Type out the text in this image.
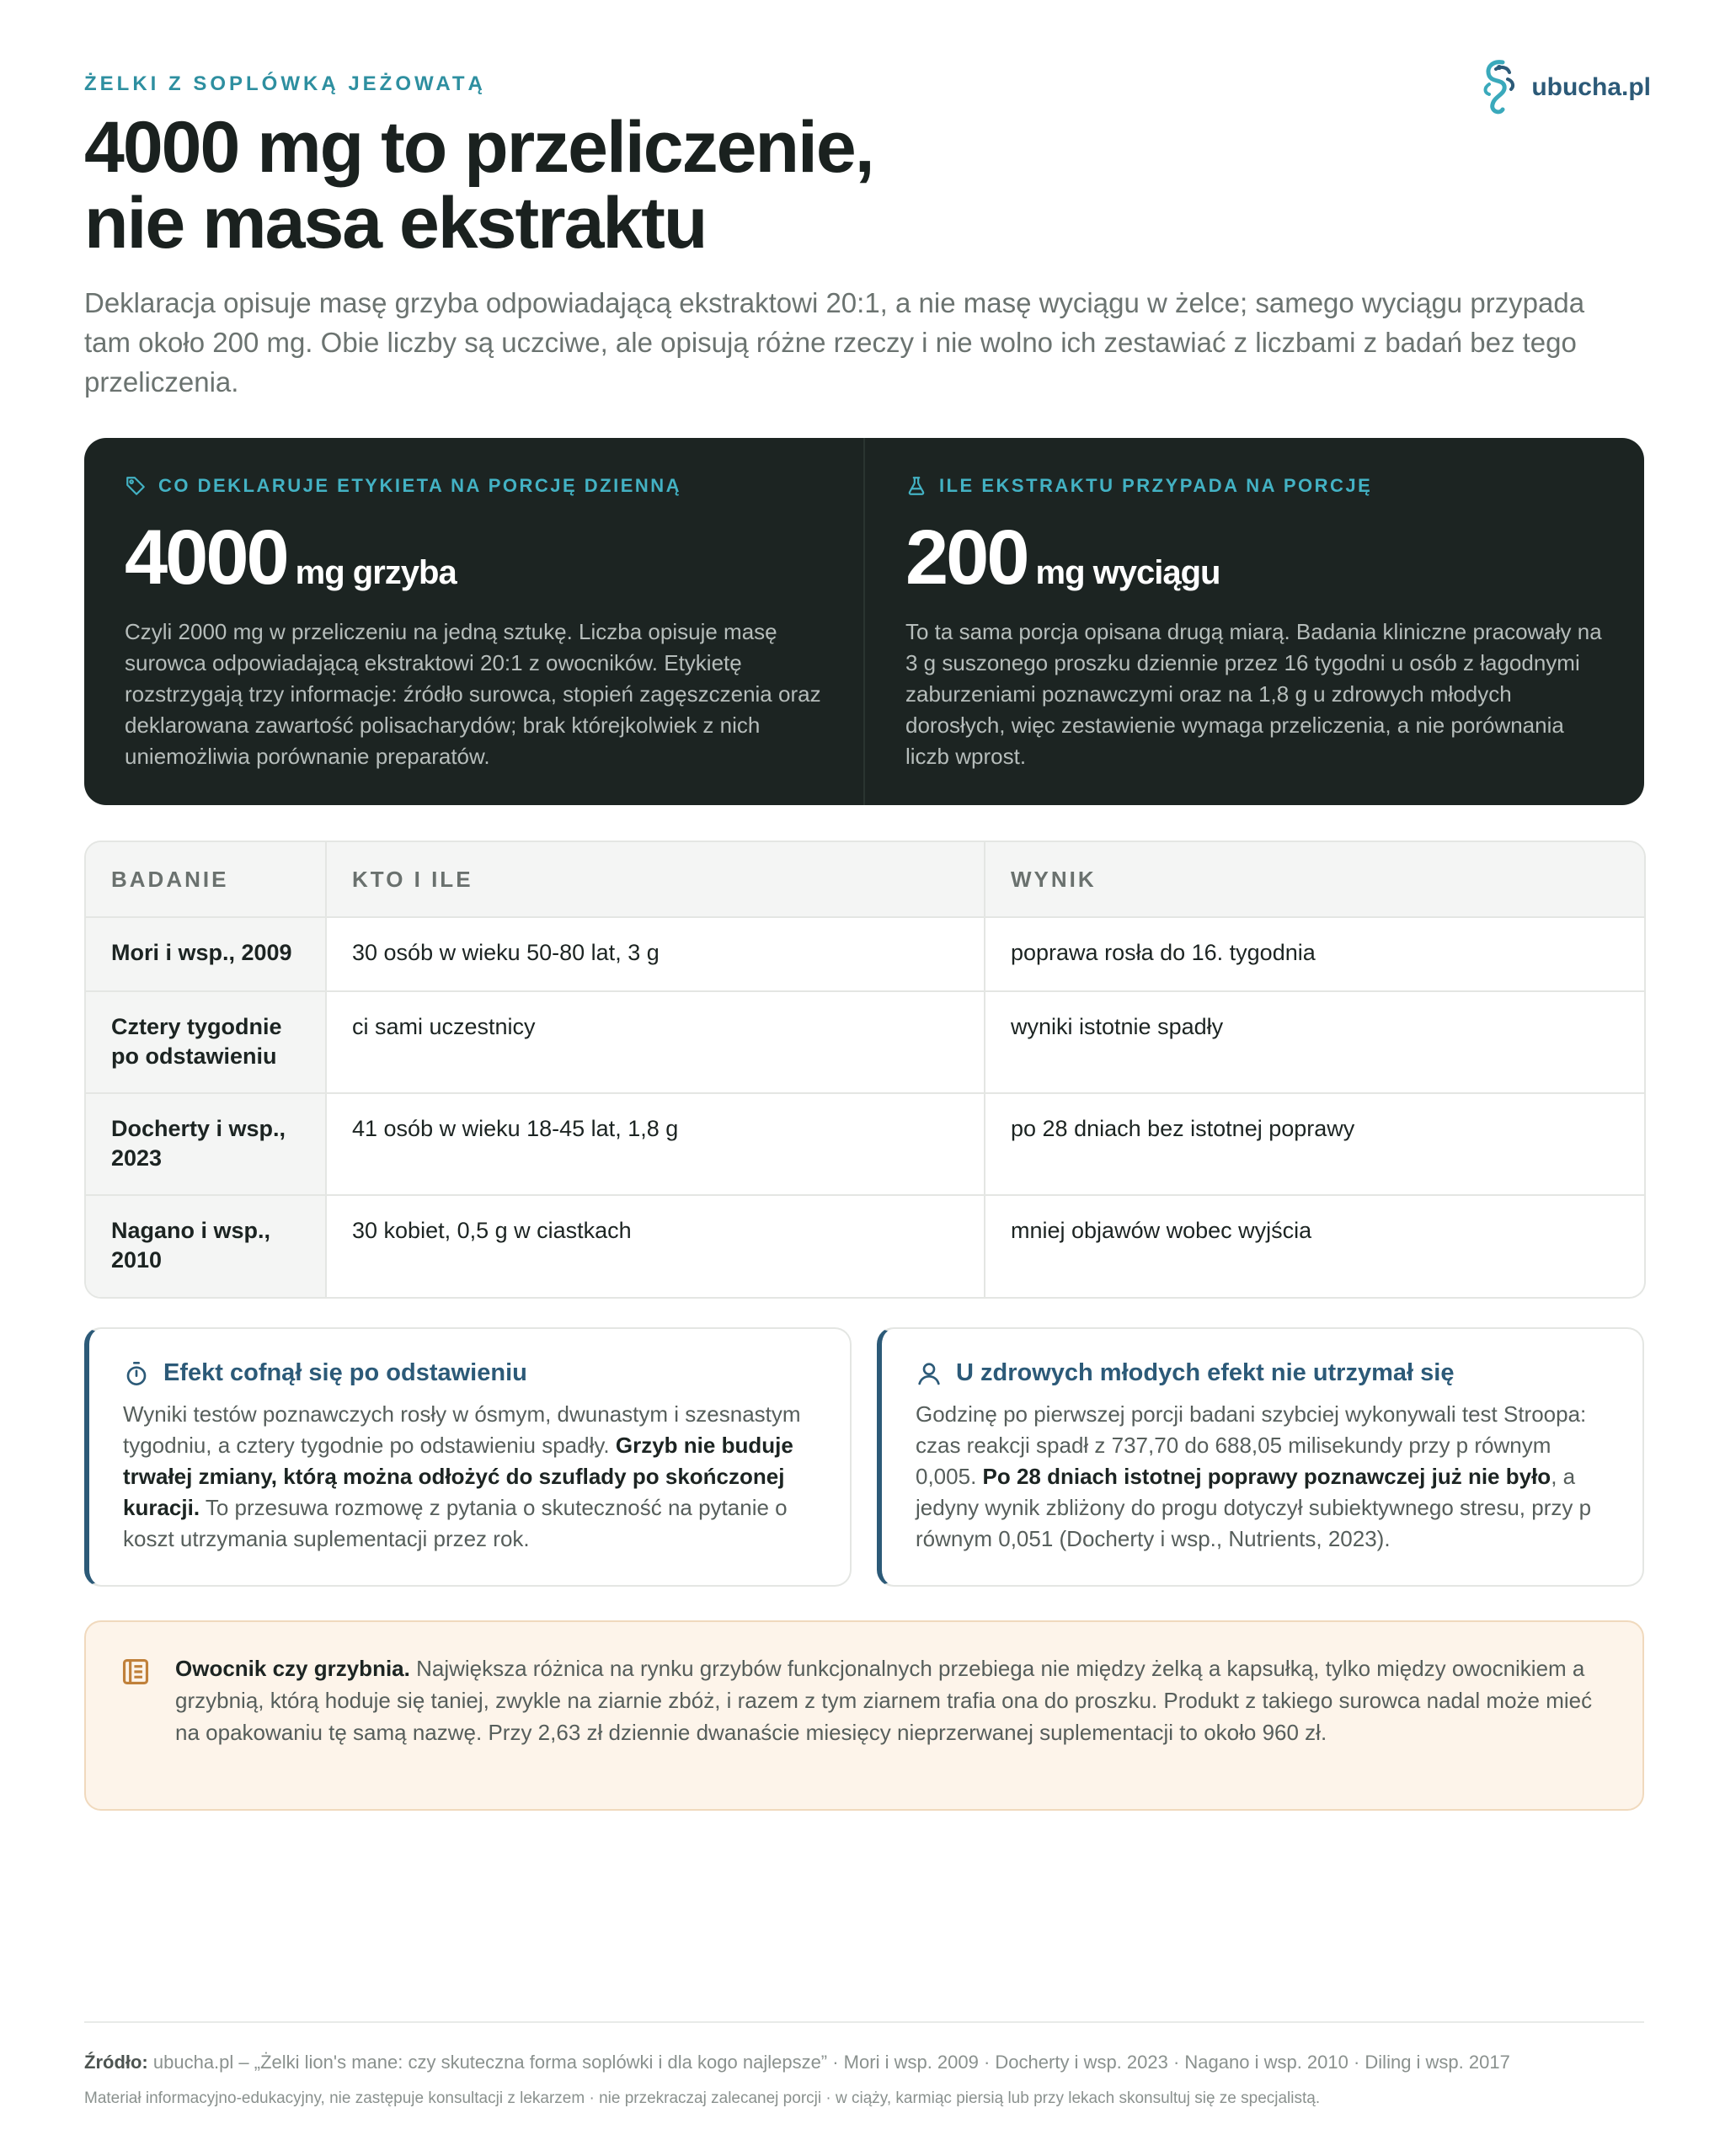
ŻELKI Z SOPLÓWKĄ JEŻOWATĄ	ubucha.pl
4000 mg to przeliczenie,
nie masa ekstraktu

Deklaracja opisuje masę grzyba odpowiadającą ekstraktowi 20:1, a nie masę wyciągu w żelce; samego wyciągu przypada tam około 200 mg. Obie liczby są uczciwe, ale opisują różne rzeczy i nie wolno ich zestawiać z liczbami z badań bez tego przeliczenia.

CO DEKLARUJE ETYKIETA NA PORCJĘ DZIENNĄ
4000 mg grzyba
Czyli 2000 mg w przeliczeniu na jedną sztukę. Liczba opisuje masę surowca odpowiadającą ekstraktowi 20:1 z owocników. Etykietę rozstrzygają trzy informacje: źródło surowca, stopień zagęszczenia oraz deklarowana zawartość polisacharydów; brak którejkolwiek z nich uniemożliwia porównanie preparatów.
ILE EKSTRAKTU PRZYPADA NA PORCJĘ
200 mg wyciągu
To ta sama porcja opisana drugą miarą. Badania kliniczne pracowały na 3 g suszonego proszku dziennie przez 16 tygodni u osób z łagodnymi zaburzeniami poznawczymi oraz na 1,8 g u zdrowych młodych dorosłych, więc zestawienie wymaga przeliczenia, a nie porównania liczb wprost.
BADANIE	KTO I ILE	WYNIK
Mori i wsp., 2009	30 osób w wieku 50-80 lat, 3 g	poprawa rosła do 16. tygodnia
Cztery tygodnie po odstawieniu	ci sami uczestnicy	wyniki istotnie spadły
Docherty i wsp., 2023	41 osób w wieku 18-45 lat, 1,8 g	po 28 dniach bez istotnej poprawy
Nagano i wsp., 2010	30 kobiet, 0,5 g w ciastkach	mniej objawów wobec wyjścia
Efekt cofnął się po odstawieniu
Wyniki testów poznawczych rosły w ósmym, dwunastym i szesnastym tygodniu, a cztery tygodnie po odstawieniu spadły. Grzyb nie buduje trwałej zmiany, którą można odłożyć do szuflady po skończonej kuracji. To przesuwa rozmowę z pytania o skuteczność na pytanie o koszt utrzymania suplementacji przez rok.
U zdrowych młodych efekt nie utrzymał się
Godzinę po pierwszej porcji badani szybciej wykonywali test Stroopa: czas reakcji spadł z 737,70 do 688,05 milisekundy przy p równym 0,005. Po 28 dniach istotnej poprawy poznawczej już nie było, a jedyny wynik zbliżony do progu dotyczył subiektywnego stresu, przy p równym 0,051 (Docherty i wsp., Nutrients, 2023).
Owocnik czy grzybnia. Największa różnica na rynku grzybów funkcjonalnych przebiega nie między żelką a kapsułką, tylko między owocnikiem a grzybnią, którą hoduje się taniej, zwykle na ziarnie zbóż, i razem z tym ziarnem trafia ona do proszku. Produkt z takiego surowca nadal może mieć na opakowaniu tę samą nazwę. Przy 2,63 zł dziennie dwanaście miesięcy nieprzerwanej suplementacji to około 960 zł.
Źródło: ubucha.pl – „Żelki lion's mane: czy skuteczna forma soplówki i dla kogo najlepsze” · Mori i wsp. 2009 · Docherty i wsp. 2023 · Nagano i wsp. 2010 · Diling i wsp. 2017
Materiał informacyjno-edukacyjny, nie zastępuje konsultacji z lekarzem · nie przekraczaj zalecanej porcji · w ciąży, karmiąc piersią lub przy lekach skonsultuj się ze specjalistą.
